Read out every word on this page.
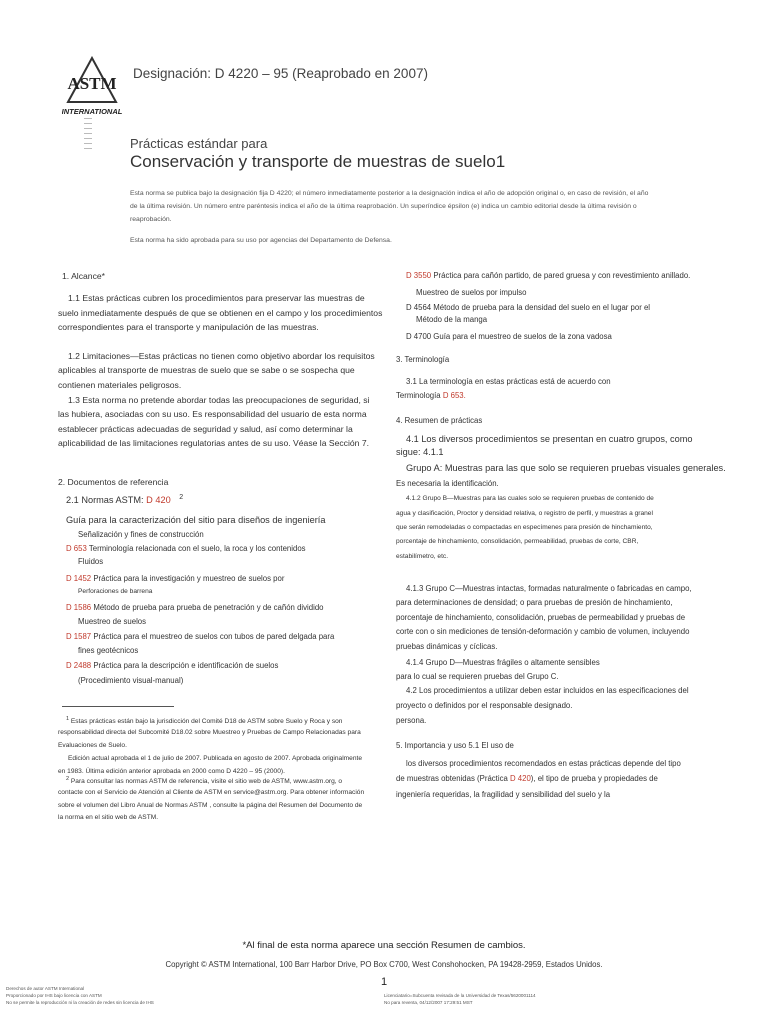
ASTM
INTERNATIONAL
Designación: D 4220 – 95 (Reaprobado en 2007)
Prácticas estándar para
Conservación y transporte de muestras de suelo1
Esta norma se publica bajo la designación fija D 4220; el número inmediatamente posterior a la designación indica el año de adopción original o, en caso de revisión, el año de la última revisión. Un número entre paréntesis indica el año de la última reaprobación. Un superíndice épsilon (e) indica un cambio editorial desde la última revisión o reaprobación.
Esta norma ha sido aprobada para su uso por agencias del Departamento de Defensa.
1. Alcance*
1.1 Estas prácticas cubren los procedimientos para preservar las muestras de
suelo inmediatamente después de que se obtienen en el campo y los procedimientos
correspondientes para el transporte y manipulación de las muestras.
1.2 Limitaciones—Estas prácticas no tienen como objetivo abordar los requisitos
aplicables al transporte de muestras de suelo que se sabe o se sospecha que
contienen materiales peligrosos.
1.3 Esta norma no pretende abordar todas las preocupaciones de seguridad, si
las hubiera, asociadas con su uso. Es responsabilidad del usuario de esta norma
establecer prácticas adecuadas de seguridad y salud, así como determinar la
aplicabilidad de las limitaciones regulatorias antes de su uso. Véase la Sección 7.
2. Documentos de referencia
2.1 Normas ASTM: D 420 $^2$
Guía para la caracterización del sitio para diseños de ingeniería
Señalización y fines de construcción
D 653 Terminología relacionada con el suelo, la roca y los contenidos
Fluidos
D 1452 Práctica para la investigación y muestreo de suelos por
Perforaciones de barrena
D 1586 Método de prueba para prueba de penetración y de cañón dividido
Muestreo de suelos
D 1587 Práctica para el muestreo de suelos con tubos de pared delgada para
fines geotécnicos
D 2488 Práctica para la descripción e identificación de suelos
(Procedimiento visual-manual)
$^1$ Estas prácticas están bajo la jurisdicción del Comité D18 de ASTM sobre Suelo y Roca y son
responsabilidad directa del Subcomité D18.02 sobre Muestreo y Pruebas de Campo Relacionadas para
Evaluaciones de Suelo.
Edición actual aprobada el 1 de julio de 2007. Publicada en agosto de 2007. Aprobada originalmente
en 1983. Última edición anterior aprobada en 2000 como D 4220 – 95 (2000).
$^2$ Para consultar las normas ASTM de referencia, visite el sitio web de ASTM, www.astm.org, o
contacte con el Servicio de Atención al Cliente de ASTM en service@astm.org. Para obtener información
sobre el volumen del Libro Anual de Normas ASTM , consulte la página del Resumen del Documento de
la norma en el sitio web de ASTM.
D 3550 Práctica para cañón partido, de pared gruesa y con revestimiento anillado.
Muestreo de suelos por impulso
D 4564 Método de prueba para la densidad del suelo en el lugar por el
Método de la manga
D 4700 Guía para el muestreo de suelos de la zona vadosa
3. Terminología
3.1 La terminología en estas prácticas está de acuerdo con
Terminología D 653.
4. Resumen de prácticas
4.1 Los diversos procedimientos se presentan en cuatro grupos, como
sigue: 4.1.1
Grupo A: Muestras para las que solo se requieren pruebas visuales generales.
Es necesaria la identificación.
4.1.2 Grupo B—Muestras para las cuales solo se requieren pruebas de contenido de
agua y clasificación, Proctor y densidad relativa, o registro de perfil, y muestras a granel
que serán remodeladas o compactadas en especímenes para presión de hinchamiento,
porcentaje de hinchamiento, consolidación, permeabilidad, pruebas de corte, CBR,
estabilímetro, etc.
4.1.3 Grupo C—Muestras intactas, formadas naturalmente o fabricadas en campo,
para determinaciones de densidad; o para pruebas de presión de hinchamiento,
porcentaje de hinchamiento, consolidación, pruebas de permeabilidad y pruebas de
corte con o sin mediciones de tensión-deformación y cambio de volumen, incluyendo
pruebas dinámicas y cíclicas.
4.1.4 Grupo D—Muestras frágiles o altamente sensibles
para lo cual se requieren pruebas del Grupo C.
4.2 Los procedimientos a utilizar deben estar incluidos en las especificaciones del
proyecto o definidos por el responsable designado.
persona.
5. Importancia y uso 5.1 El uso de
los diversos procedimientos recomendados en estas prácticas depende del tipo
de muestras obtenidas (Práctica D 420), el tipo de prueba y propiedades de
ingeniería requeridas, la fragilidad y sensibilidad del suelo y la
*Al final de esta norma aparece una sección Resumen de cambios.
Copyright © ASTM International, 100 Barr Harbor Drive, PO Box C700, West Conshohocken, PA 19428-2959, Estados Unidos.
1
Derechos de autor ASTM International
Proporcionado por IHS bajo licencia con ASTM
No se permite la reproducción ni la creación de redes sin licencia de IHS
Licenciatario=Subcuenta revisada de la Universidad de Texas/5620001114
No para reventa, 04/12/2007 17:29:51 MST
